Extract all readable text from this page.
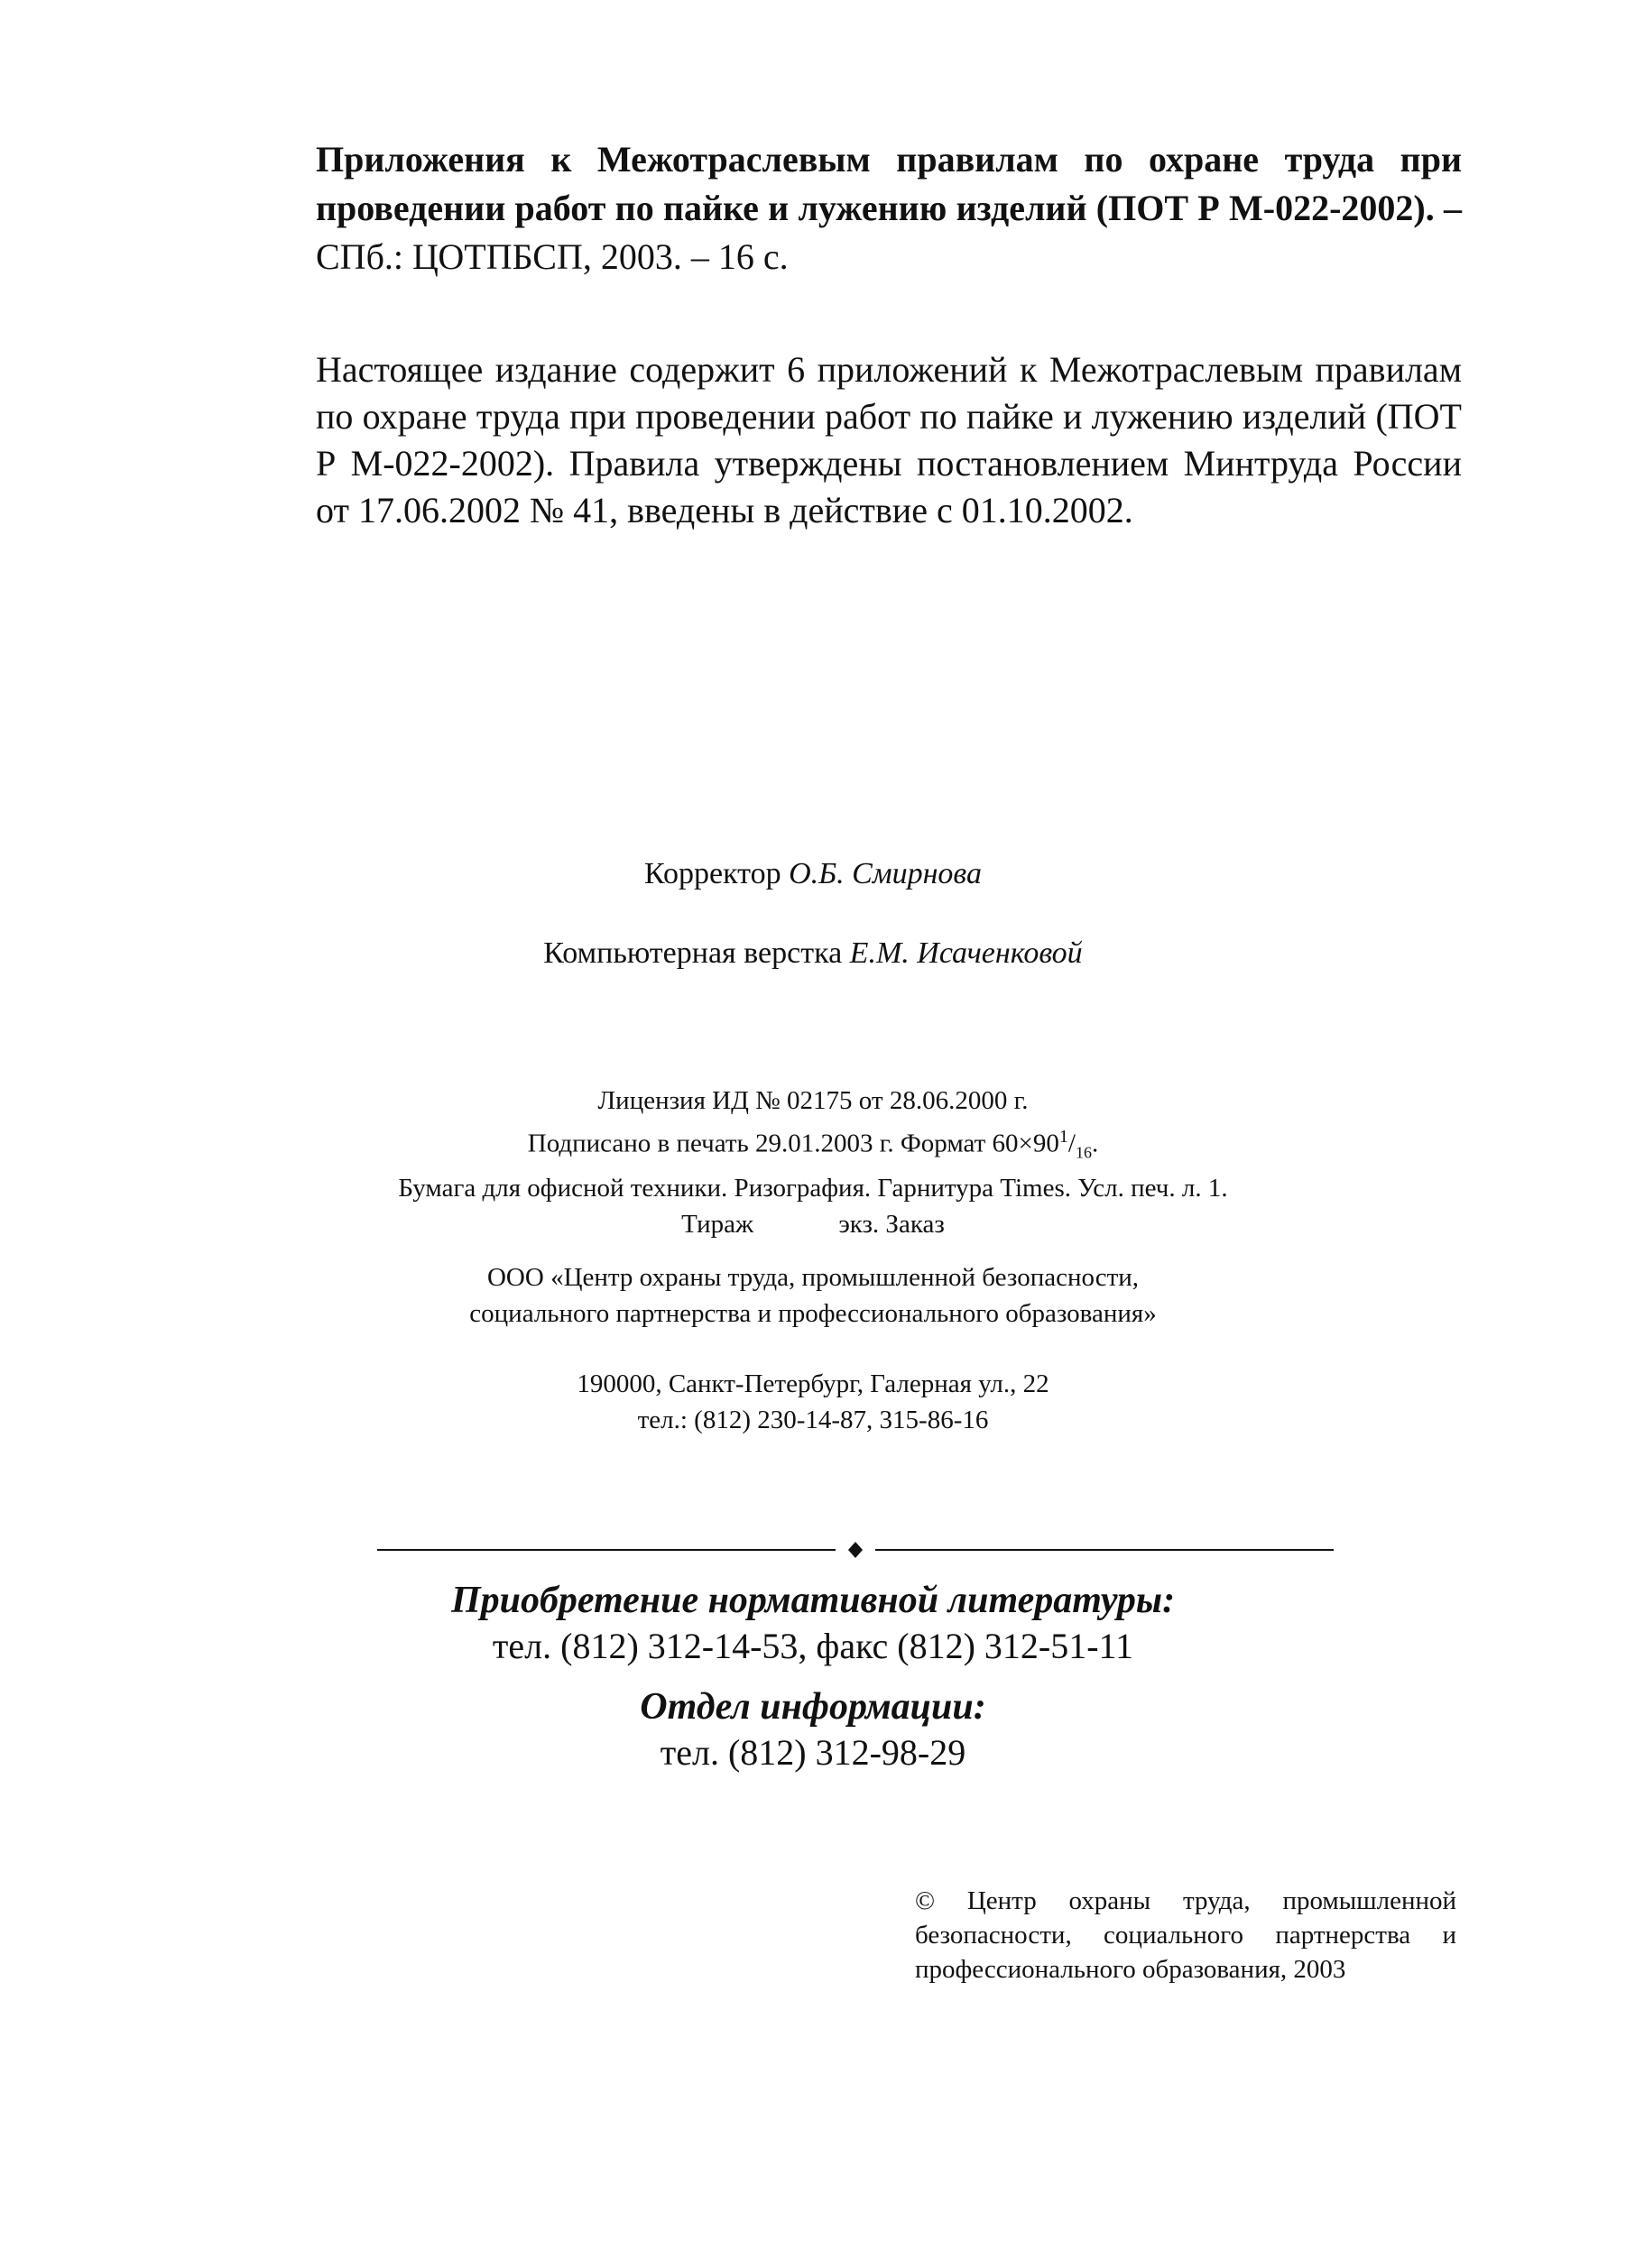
Приложения к Межотраслевым правилам по охране труда при проведении работ по пайке и лужению изделий (ПОТ Р М-022-2002). – СПб.: ЦОТПБСП, 2003. – 16 с.
Настоящее издание содержит 6 приложений к Межотраслевым правилам по охране труда при проведении работ по пайке и лужению изделий (ПОТ Р М-022-2002). Правила утверждены постановлением Минтруда России от 17.06.2002 № 41, введены в действие с 01.10.2002.
Корректор О.Б. Смирнова
Компьютерная верстка Е.М. Исаченковой
Лицензия ИД № 02175 от 28.06.2000 г.
Подписано в печать 29.01.2003 г. Формат $60\times 90^1/_{16}$.
Бумага для офисной техники. Ризография. Гарнитура Times. Усл. печ. л. 1.
Тираж             экз. Заказ
ООО «Центр охраны труда, промышленной безопасности,
социального партнерства и профессионального образования»
190000, Санкт-Петербург, Галерная ул., 22
тел.: (812) 230-14-87, 315-86-16
Приобретение нормативной литературы:
тел. (812) 312-14-53, факс (812) 312-51-11
Отдел информации:
тел. (812) 312-98-29
© Центр охраны труда, промышленной безопасности, социального партнерства и профессионального образования, 2003
